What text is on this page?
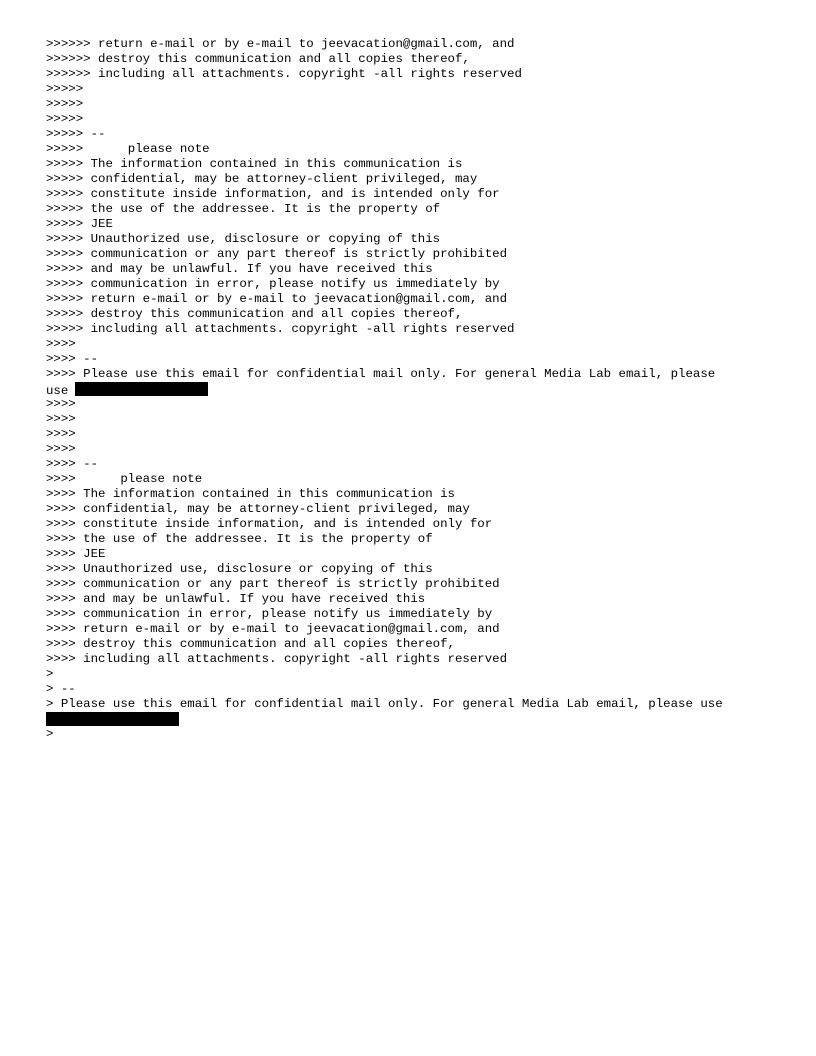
>>>>>> return e-mail or by e-mail to jeevacation@gmail.com, and
>>>>>> destroy this communication and all copies thereof,
>>>>>> including all attachments. copyright -all rights reserved
>>>>>
>>>>>
>>>>>
>>>>> --
>>>>>      please note
>>>>> The information contained in this communication is
>>>>> confidential, may be attorney-client privileged, may
>>>>> constitute inside information, and is intended only for
>>>>> the use of the addressee. It is the property of
>>>>> JEE
>>>>> Unauthorized use, disclosure or copying of this
>>>>> communication or any part thereof is strictly prohibited
>>>>> and may be unlawful. If you have received this
>>>>> communication in error, please notify us immediately by
>>>>> return e-mail or by e-mail to jeevacation@gmail.com, and
>>>>> destroy this communication and all copies thereof,
>>>>> including all attachments. copyright -all rights reserved
>>>>
>>>> --
>>>> Please use this email for confidential mail only. For general Media Lab email, please
use
>>>>
>>>>
>>>>
>>>>
>>>> --
>>>>      please note
>>>> The information contained in this communication is
>>>> confidential, may be attorney-client privileged, may
>>>> constitute inside information, and is intended only for
>>>> the use of the addressee. It is the property of
>>>> JEE
>>>> Unauthorized use, disclosure or copying of this
>>>> communication or any part thereof is strictly prohibited
>>>> and may be unlawful. If you have received this
>>>> communication in error, please notify us immediately by
>>>> return e-mail or by e-mail to jeevacation@gmail.com, and
>>>> destroy this communication and all copies thereof,
>>>> including all attachments. copyright -all rights reserved
>
> --
> Please use this email for confidential mail only. For general Media Lab email, please use
>
